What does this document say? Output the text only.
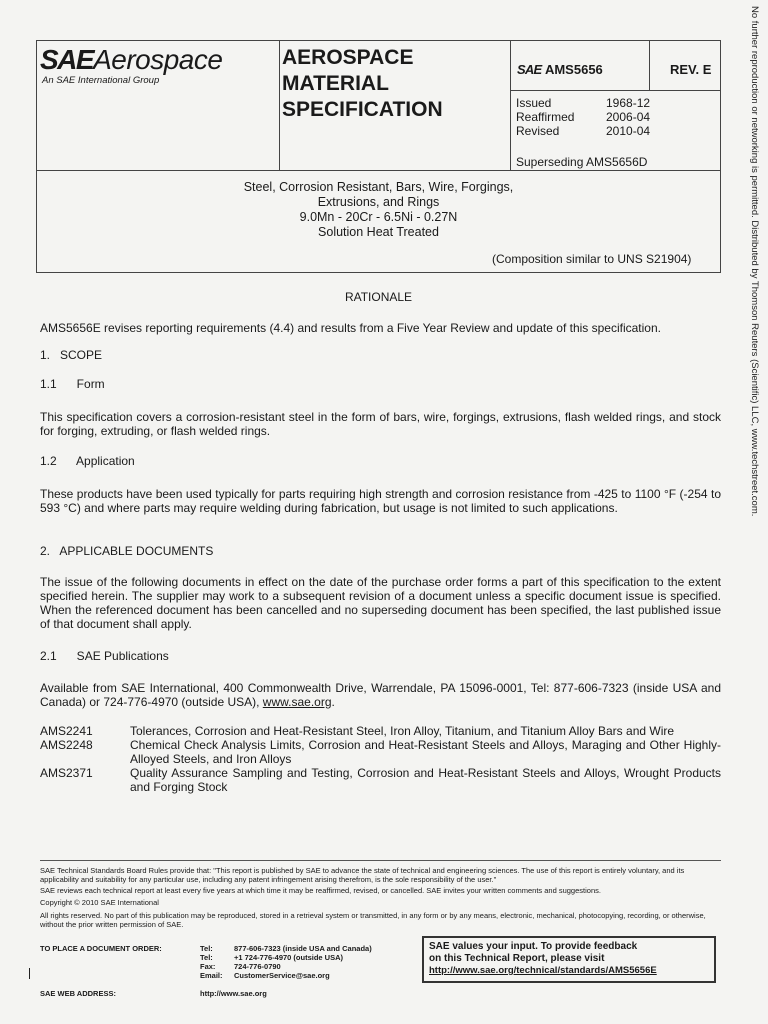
No further reproduction or networking is permitted. Distributed by Thomson Reuters (Scientific) LLC, www.techstreet.com.
SAEAerospace
An SAE International Group
AEROSPACE
MATERIAL
SPECIFICATION
SAE AMS5656	REV. E
Issued	1968-12
Reaffirmed	2006-04
Revised	2010-04
Superseding AMS5656D
Steel, Corrosion Resistant, Bars, Wire, Forgings,
Extrusions, and Rings
9.0Mn - 20Cr - 6.5Ni - 0.27N
Solution Heat Treated
(Composition similar to UNS S21904)
RATIONALE
AMS5656E revises reporting requirements (4.4) and results from a Five Year Review and update of this specification.
1.   SCOPE
1.1      Form
This specification covers a corrosion-resistant steel in the form of bars, wire, forgings, extrusions, flash welded rings, and stock for forging, extruding, or flash welded rings.
1.2      Application
These products have been used typically for parts requiring high strength and corrosion resistance from -425 to 1100 °F (-254 to 593 °C) and where parts may require welding during fabrication, but usage is not limited to such applications.
2.   APPLICABLE DOCUMENTS
The issue of the following documents in effect on the date of the purchase order forms a part of this specification to the extent specified herein. The supplier may work to a subsequent revision of a document unless a specific document issue is specified. When the referenced document has been cancelled and no superseding document has been specified, the last published issue of that document shall apply.
2.1      SAE Publications
Available from SAE International, 400 Commonwealth Drive, Warrendale, PA 15096-0001, Tel: 877-606-7323 (inside USA and Canada) or 724-776-4970 (outside USA), www.sae.org.
AMS2241	Tolerances, Corrosion and Heat-Resistant Steel, Iron Alloy, Titanium, and Titanium Alloy Bars and Wire
AMS2248	Chemical Check Analysis Limits, Corrosion and Heat-Resistant Steels and Alloys, Maraging and Other Highly-Alloyed Steels, and Iron Alloys
AMS2371	Quality Assurance Sampling and Testing, Corrosion and Heat-Resistant Steels and Alloys, Wrought Products and Forging Stock
SAE Technical Standards Board Rules provide that: "This report is published by SAE to advance the state of technical and engineering sciences. The use of this report is entirely voluntary, and its applicability and suitability for any particular use, including any patent infringement arising therefrom, is the sole responsibility of the user."
SAE reviews each technical report at least every five years at which time it may be reaffirmed, revised, or cancelled. SAE invites your written comments and suggestions.
Copyright © 2010 SAE International
All rights reserved. No part of this publication may be reproduced, stored in a retrieval system or transmitted, in any form or by any means, electronic, mechanical, photocopying, recording, or otherwise, without the prior written permission of SAE.
TO PLACE A DOCUMENT ORDER:	Tel:	877-606-7323 (inside USA and Canada)
Tel:	+1 724-776-4970 (outside USA)
Fax:	724-776-0790
Email:	CustomerService@sae.org
SAE WEB ADDRESS:	http://www.sae.org
SAE values your input. To provide feedback
on this Technical Report, please visit
http://www.sae.org/technical/standards/AMS5656E
